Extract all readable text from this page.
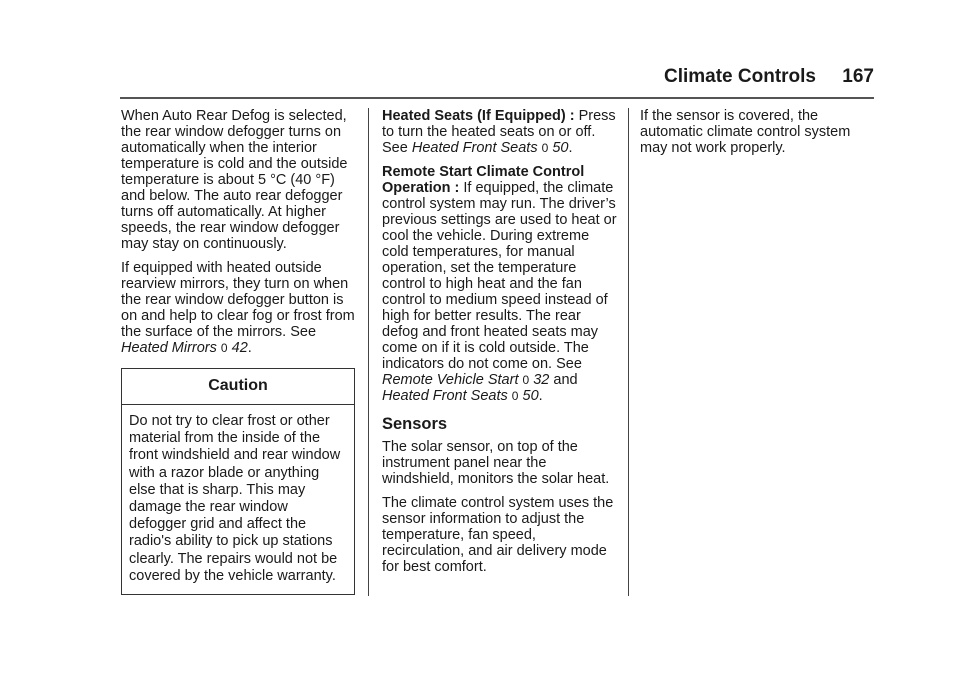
Climate Controls 167

When Auto Rear Defog is selected, the rear window defogger turns on automatically when the interior temperature is cold and the outside temperature is about 5 °C (40 °F) and below. The auto rear defogger turns off automatically. At higher speeds, the rear window defogger may stay on continuously.

If equipped with heated outside rearview mirrors, they turn on when the rear window defogger button is on and help to clear fog or frost from the surface of the mirrors. See
Heated Mirrors 0 42.

Caution
Do not try to clear frost or other material from the inside of the front windshield and rear window with a razor blade or anything else that is sharp. This may damage the rear window defogger grid and affect the radio's ability to pick up stations clearly. The repairs would not be covered by the vehicle warranty.

Heated Seats (If Equipped) : Press to turn the heated seats on or off. See Heated Front Seats 0 50.

Remote Start Climate Control Operation : If equipped, the climate control system may run. The driver’s previous settings are used to heat or cool the vehicle. During extreme cold temperatures, for manual operation, set the temperature control to high heat and the fan control to medium speed instead of high for better results. The rear defog and front heated seats may come on if it is cold outside. The indicators do not come on. See
Remote Vehicle Start 0 32 and
Heated Front Seats 0 50.

Sensors

The solar sensor, on top of the instrument panel near the windshield, monitors the solar heat.

The climate control system uses the sensor information to adjust the temperature, fan speed, recirculation, and air delivery mode for best comfort.

If the sensor is covered, the automatic climate control system may not work properly.
